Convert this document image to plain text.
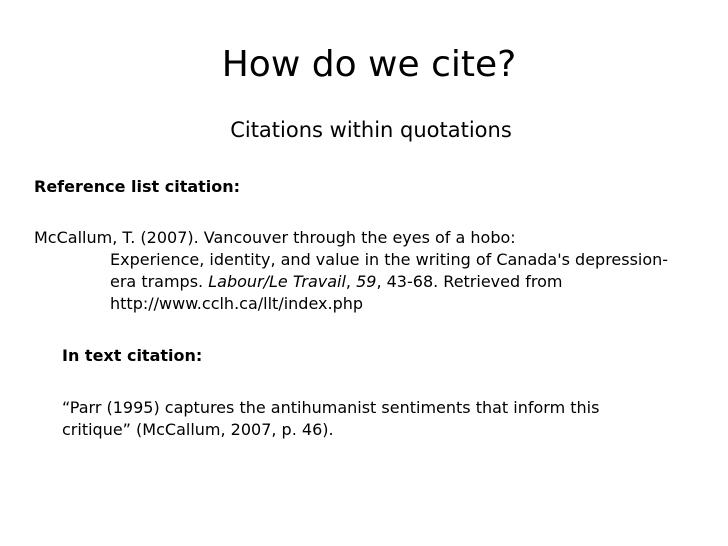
How do we cite?
Citations within quotations
Reference list citation:
McCallum, T. (2007). Vancouver through the eyes of a hobo:
Experience, identity, and value in the writing of Canada's depression-
era tramps. Labour/Le Travail, 59, 43-68. Retrieved from
http://www.cclh.ca/llt/index.php
In text citation:
“Parr (1995) captures the antihumanist sentiments that inform this
critique” (McCallum, 2007, p. 46).
